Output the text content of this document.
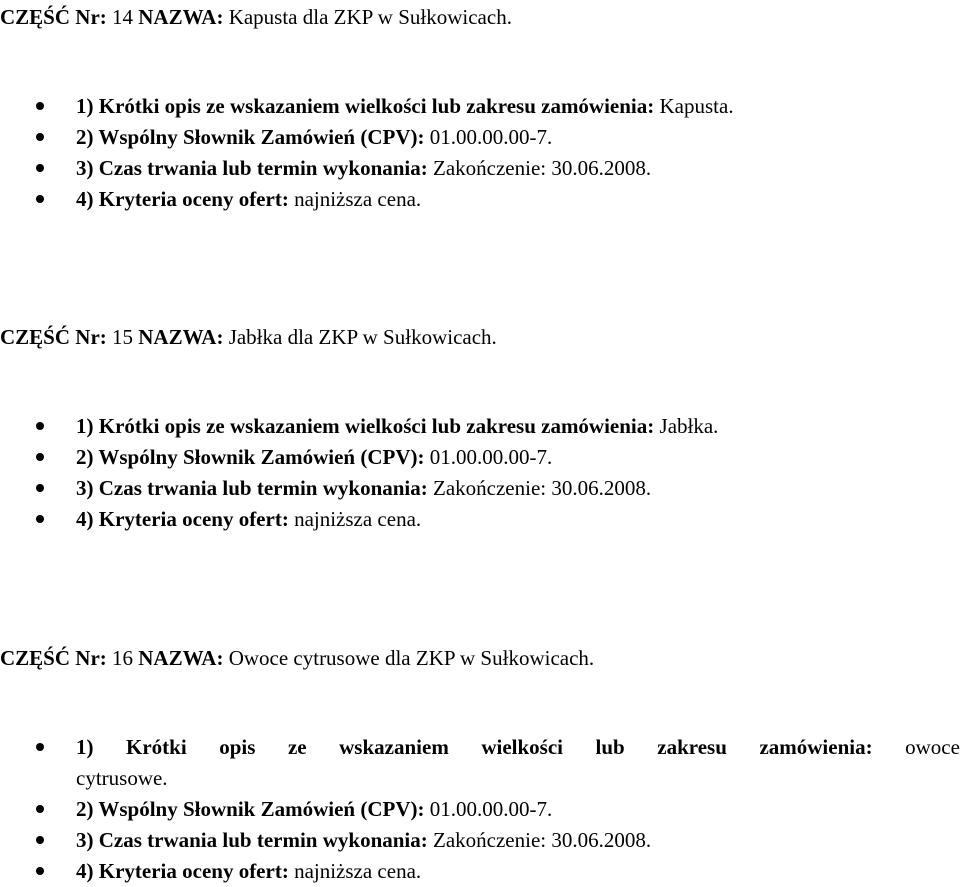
CZĘŚĆ Nr: 14 NAZWA: Kapusta dla ZKP w Sułkowicach.

1) Krótki opis ze wskazaniem wielkości lub zakresu zamówienia: Kapusta.
2) Wspólny Słownik Zamówień (CPV): 01.00.00.00-7.
3) Czas trwania lub termin wykonania: Zakończenie: 30.06.2008.
4) Kryteria oceny ofert: najniższa cena.

CZĘŚĆ Nr: 15 NAZWA: Jabłka dla ZKP w Sułkowicach.

1) Krótki opis ze wskazaniem wielkości lub zakresu zamówienia: Jabłka.
2) Wspólny Słownik Zamówień (CPV): 01.00.00.00-7.
3) Czas trwania lub termin wykonania: Zakończenie: 30.06.2008.
4) Kryteria oceny ofert: najniższa cena.

CZĘŚĆ Nr: 16 NAZWA: Owoce cytrusowe dla ZKP w Sułkowicach.

1) Krótki opis ze wskazaniem wielkości lub zakresu zamówienia: owoce
cytrusowe.
2) Wspólny Słownik Zamówień (CPV): 01.00.00.00-7.
3) Czas trwania lub termin wykonania: Zakończenie: 30.06.2008.
4) Kryteria oceny ofert: najniższa cena.
